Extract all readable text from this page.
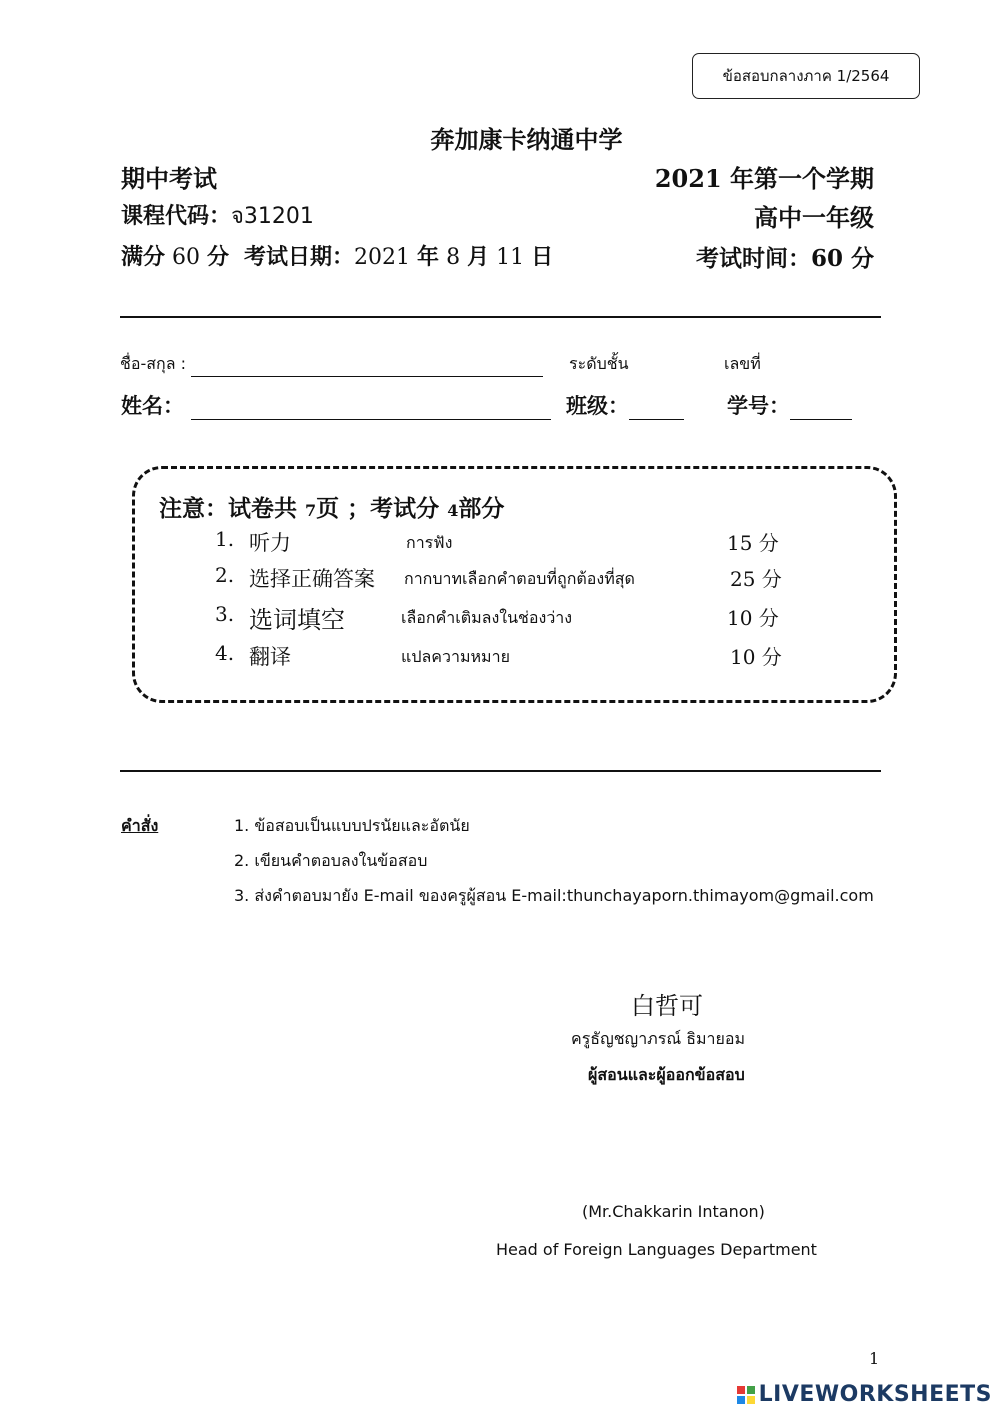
ข้อสอบกลางภาค 1/2564
奔加康卡纳通中学
期中考试	2021 年第一个学期
课程代码：จ31201	高中一年级
满分 60 分 考试日期：2021 年 8 月 11 日	考试时间：60 分
ชื่อ-สกุล :	ระดับชั้น	เลขที่
姓名：	班级：	学号：
注意：试卷共 7页 ；考试分 4部分
1. 听力	การฟัง	15 分
2. 选择正确答案 กากบาทเลือกคำตอบที่ถูกต้องที่สุด	25 分
3. 选词填空	เลือกคำเติมลงในช่องว่าง	10 分
4. 翻译	แปลความหมาย	10 分
คำสั่ง	1. ข้อสอบเป็นแบบปรนัยและอัตนัย
2. เขียนคำตอบลงในข้อสอบ
3. ส่งคำตอบมายัง E-mail ของครูผู้สอน E-mail:thunchayaporn.thimayom@gmail.com
白哲可
ครูธัญชญาภรณ์ ธิมายอม
ผู้สอนและผู้ออกข้อสอบ
(Mr.Chakkarin Intanon)
Head of Foreign Languages Department
1
LIVEWORKSHEETS
